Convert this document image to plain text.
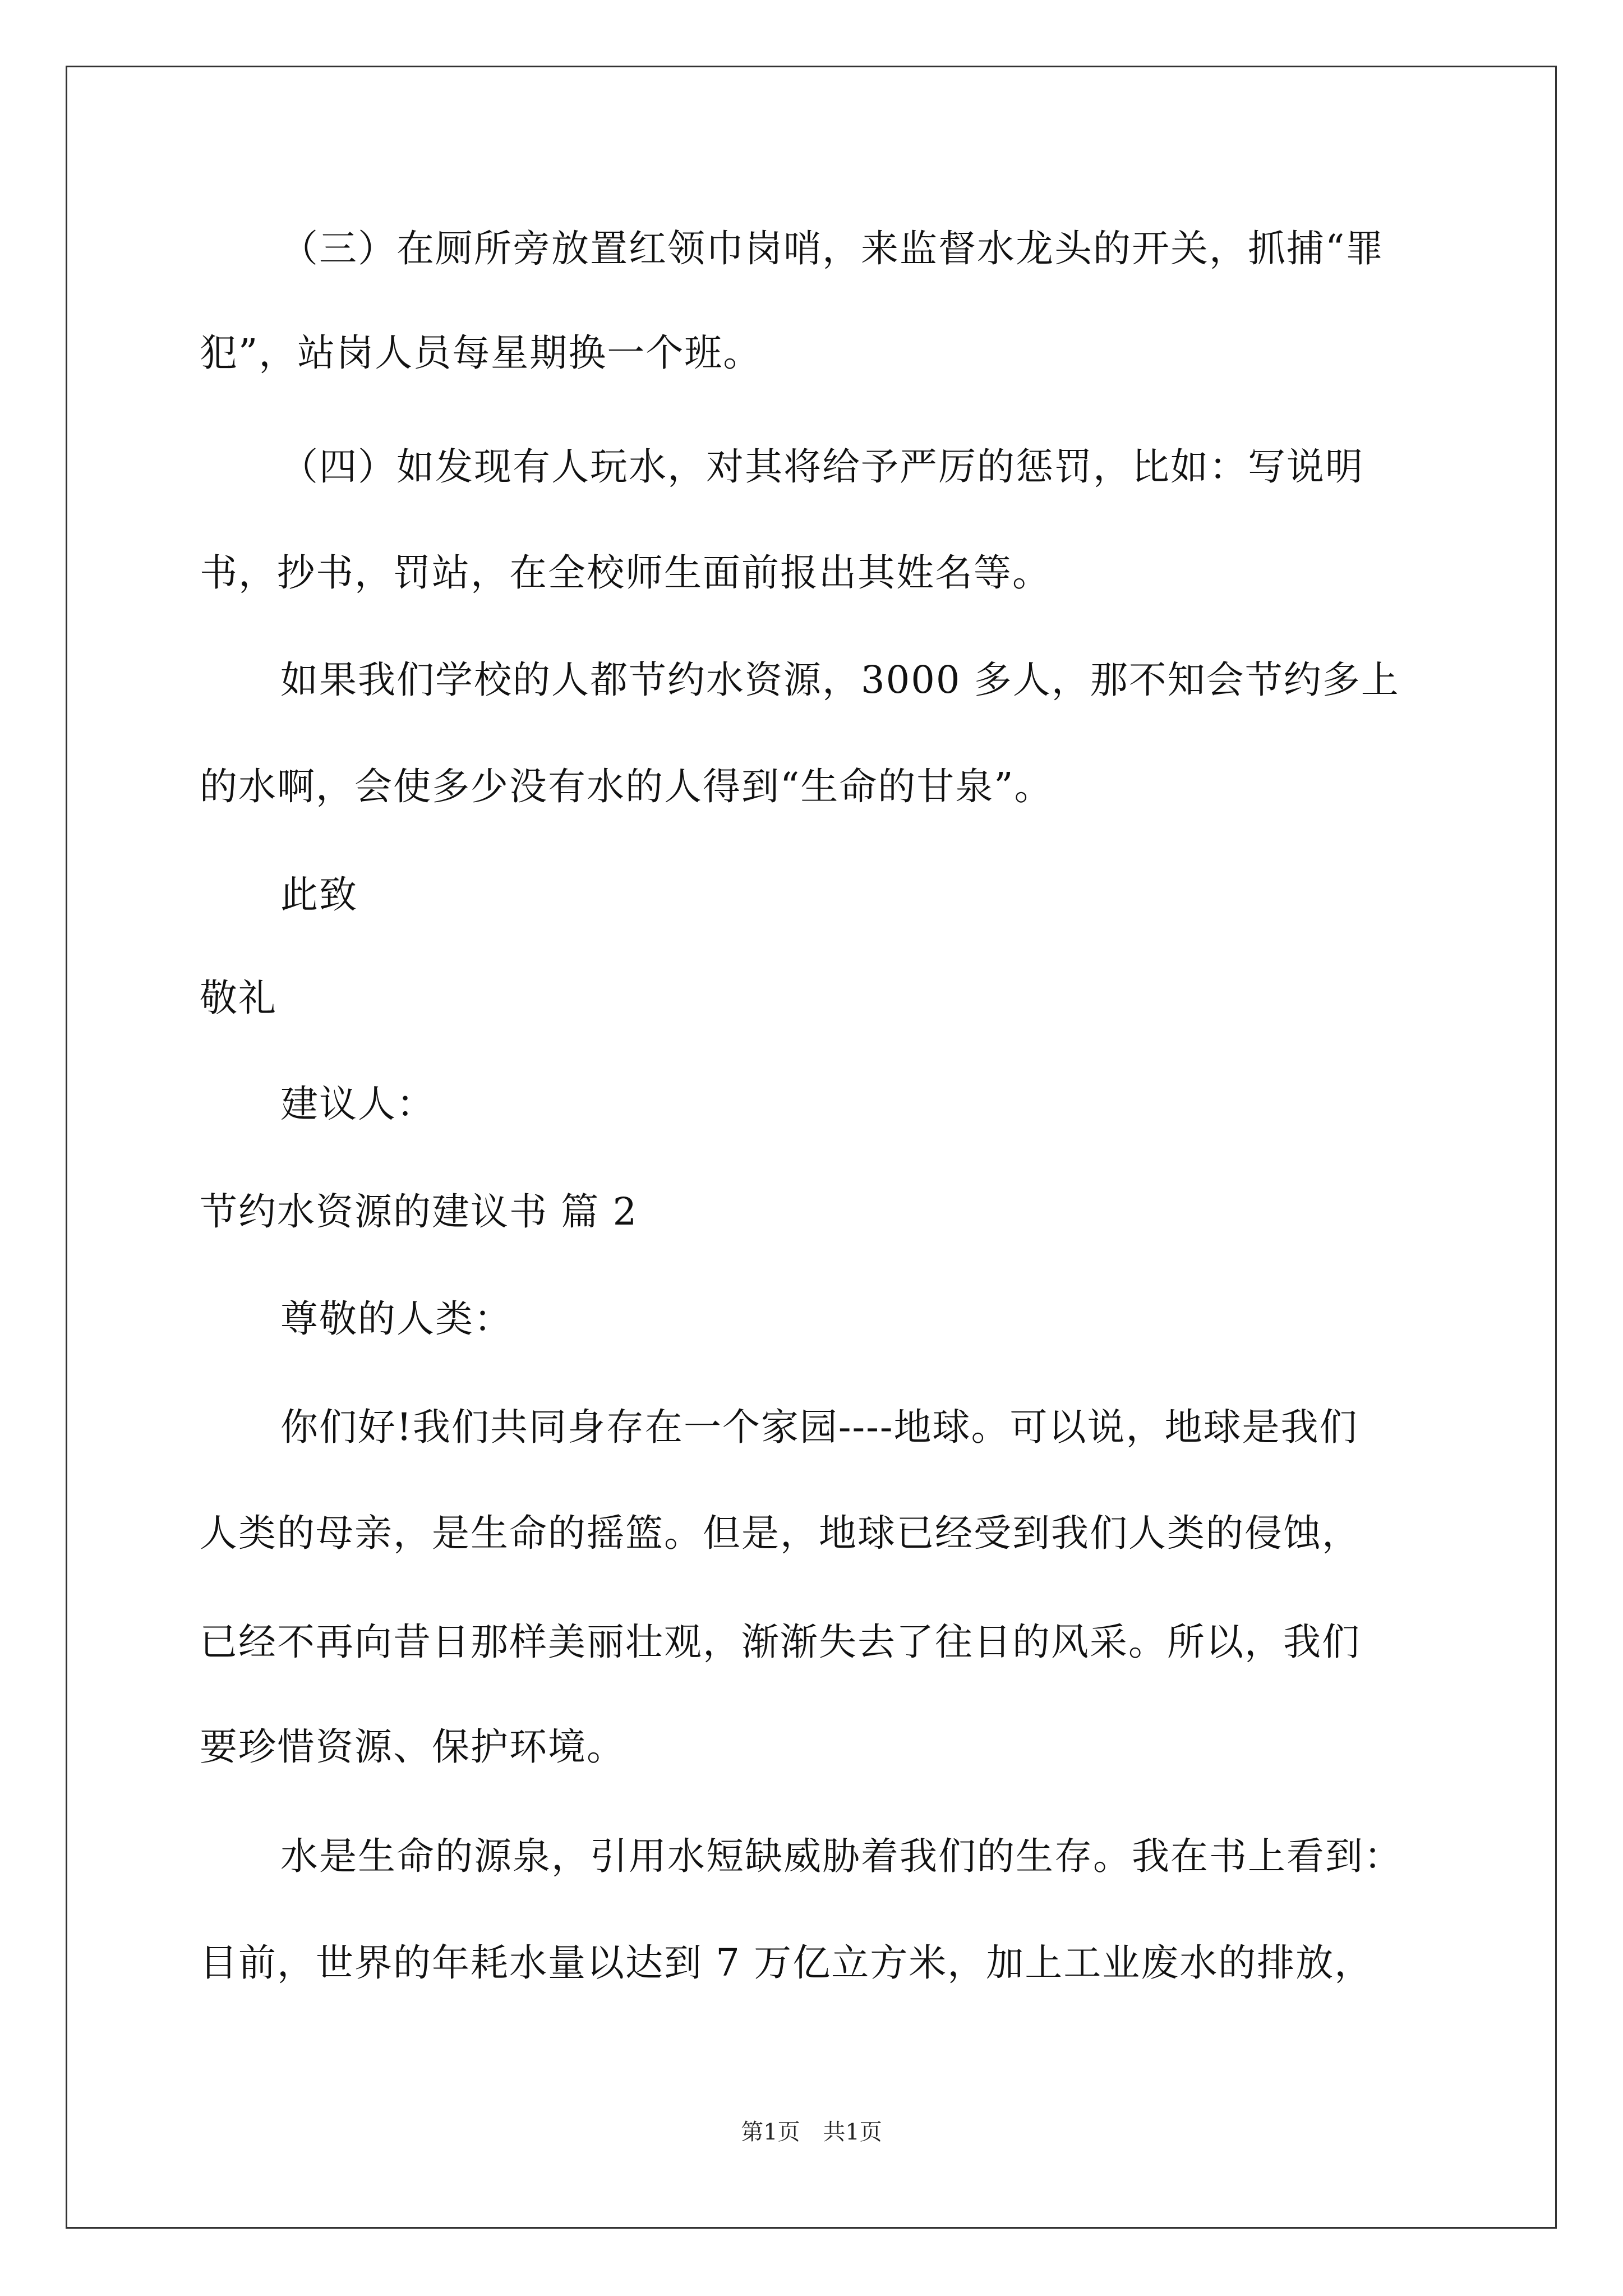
（三）在厕所旁放置红领巾岗哨，来监督水龙头的开关，抓捕“罪
犯”，站岗人员每星期换一个班。
（四）如发现有人玩水，对其将给予严厉的惩罚，比如：写说明
书，抄书，罚站，在全校师生面前报出其姓名等。
如果我们学校的人都节约水资源，3000 多人，那不知会节约多上
的水啊，会使多少没有水的人得到“生命的甘泉”。
此致
敬礼
建议人：
节约水资源的建议书 篇 2
尊敬的人类：
你们好!我们共同身存在一个家园----地球。可以说，地球是我们
人类的母亲，是生命的摇篮。但是，地球已经受到我们人类的侵蚀，
已经不再向昔日那样美丽壮观，渐渐失去了往日的风采。所以，我们
要珍惜资源、保护环境。
水是生命的源泉，引用水短缺威胁着我们的生存。我在书上看到：
目前，世界的年耗水量以达到 7 万亿立方米，加上工业废水的排放，
第1页 共1页
